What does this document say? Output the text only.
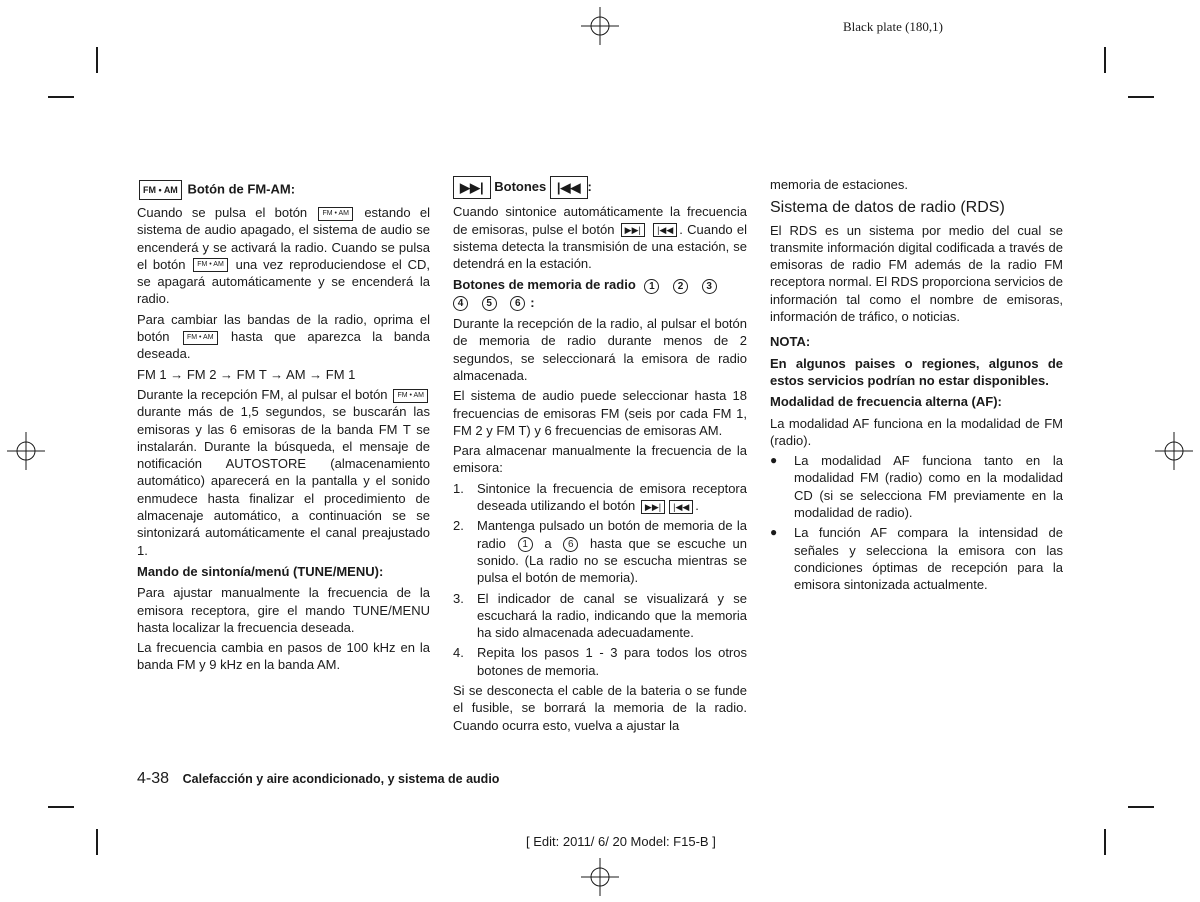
Black plate (180,1)

FM • AM Botón de FM-AM:

Cuando se pulsa el botón FM • AM estando el sistema de audio apagado, el sistema de audio se encenderá y se activará la radio. Cuando se pulsa el botón FM • AM una vez reproduciendose el CD, se apagará automáticamente y se encenderá la radio.

Para cambiar las bandas de la radio, oprima el botón FM • AM hasta que aparezca la banda deseada.

FM 1 → FM 2 → FM T → AM → FM 1

Durante la recepción FM, al pulsar el botón FM • AM durante más de 1,5 segundos, se buscarán las emisoras y las 6 emisoras de la banda FM T se instalarán. Durante la búsqueda, el mensaje de notificación AUTOSTORE (almacenamiento automático) aparecerá en la pantalla y el sonido enmudece hasta finalizar el procedimiento de almacenaje automático, a continuación se se sintonizará automáticamente el canal preajustado 1.

Mando de sintonía/menú (TUNE/MENU):

Para ajustar manualmente la frecuencia de la emisora receptora, gire el mando TUNE/MENU hasta localizar la frecuencia deseada.

La frecuencia cambia en pasos de 100 kHz en la banda FM y 9 kHz en la banda AM.

▶▶| Botones |◀◀ :

Cuando sintonice automáticamente la frecuencia de emisoras, pulse el botón ▶▶| |◀◀ . Cuando el sistema detecta la transmisión de una estación, se detendrá en la estación.

Botones de memoria de radio 1 2 3
4 5 6 :

Durante la recepción de la radio, al pulsar el botón de memoria de radio durante menos de 2 segundos, se seleccionará la emisora de radio almacenada.

El sistema de audio puede seleccionar hasta 18 frecuencias de emisoras FM (seis por cada FM 1, FM 2 y FM T) y 6 frecuencias de emisoras AM.

Para almacenar manualmente la frecuencia de la emisora:

1. Sintonice la frecuencia de emisora receptora deseada utilizando el botón ▶▶| |◀◀ .
2. Mantenga pulsado un botón de memoria de la radio 1 a 6 hasta que se escuche un sonido. (La radio no se escucha mientras se pulsa el botón de memoria).
3. El indicador de canal se visualizará y se escuchará la radio, indicando que la memoria ha sido almacenada adecuadamente.
4. Repita los pasos 1 - 3 para todos los otros botones de memoria.

Si se desconecta el cable de la bateria o se funde el fusible, se borrará la memoria de la radio. Cuando ocurra esto, vuelva a ajustar la

memoria de estaciones.

Sistema de datos de radio (RDS)

El RDS es un sistema por medio del cual se transmite información digital codificada a través de emisoras de radio FM además de la radio FM receptora normal. El RDS proporciona servicios de información tal como el nombre de emisoras, información de tráfico, o noticias.

NOTA:

En algunos paises o regiones, algunos de estos servicios podrían no estar disponibles.

Modalidad de frecuencia alterna (AF):

La modalidad AF funciona en la modalidad de FM (radio).

● La modalidad AF funciona tanto en la modalidad FM (radio) como en la modalidad CD (si se selecciona FM previamente en la modalidad de radio).
● La función AF compara la intensidad de señales y selecciona la emisora con las condiciones óptimas de recepción para la emisora sintonizada actualmente.
4-38 Calefacción y aire acondicionado, y sistema de audio
[ Edit: 2011/ 6/ 20 Model: F15-B ]
